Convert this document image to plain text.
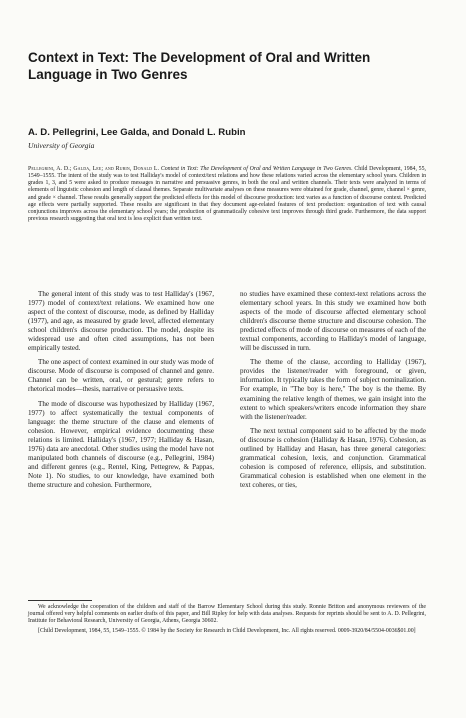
Context in Text: The Development of Oral and Written Language in Two Genres

A. D. Pellegrini, Lee Galda, and Donald L. Rubin

University of Georgia

Pellegrini, A. D.; Galda, Lee; and Rubin, Donald L. Context in Text: The Development of Oral and Written Language in Two Genres. Child Development, 1984, 55, 1549–1555. The intent of the study was to test Halliday's model of context/text relations and how these relations varied across the elementary school years. Children in grades 1, 3, and 5 were asked to produce messages in narrative and persuasive genres, in both the oral and written channels. Their texts were analyzed in terms of elements of linguistic cohesion and length of clausal themes. Separate multivariate analyses on these measures were obtained for grade, channel, genre, channel × genre, and grade × channel. These results generally support the predicted effects for this model of discourse production: text varies as a function of discourse context. Predicted age effects were partially supported. These results are significant in that they document age-related features of text production: organization of text with causal conjunctions improves across the elementary school years; the production of grammatically cohesive text improves through third grade. Furthermore, the data support previous research suggesting that oral text is less explicit than written text.

The general intent of this study was to test Halliday's (1967, 1977) model of context/text relations. We examined how one aspect of the context of discourse, mode, as defined by Halliday (1977), and age, as measured by grade level, affected elementary school children's discourse production. The model, despite its widespread use and often cited assumptions, has not been empirically tested.

The one aspect of context examined in our study was mode of discourse. Mode of discourse is composed of channel and genre. Channel can be written, oral, or gestural; genre refers to rhetorical modes—thesis, narrative or persuasive texts.

The mode of discourse was hypothesized by Halliday (1967, 1977) to affect systematically the textual components of language: the theme structure of the clause and elements of cohesion. However, empirical evidence documenting these relations is limited. Halliday's (1967, 1977; Halliday & Hasan, 1976) data are anecdotal. Other studies using the model have not manipulated both channels of discourse (e.g., Pellegrini, 1984) and different genres (e.g., Rentel, King, Pettegrew, & Pappas, Note 1). No studies, to our knowledge, have examined both theme structure and cohesion. Furthermore,

no studies have examined these context-text relations across the elementary school years. In this study we examined how both aspects of the mode of discourse affected elementary school children's discourse theme structure and discourse cohesion. The predicted effects of mode of discourse on measures of each of the textual components, according to Halliday's model of language, will be discussed in turn.

The theme of the clause, according to Halliday (1967), provides the listener/reader with foreground, or given, information. It typically takes the form of subject nominalization. For example, in "The boy is here," The boy is the theme. By examining the relative length of themes, we gain insight into the extent to which speakers/writers encode information they share with the listener/reader.

The next textual component said to be affected by the mode of discourse is cohesion (Halliday & Hasan, 1976). Cohesion, as outlined by Halliday and Hasan, has three general categories: grammatical cohesion, lexis, and conjunction. Grammatical cohesion is composed of reference, ellipsis, and substitution. Grammatical cohesion is established when one element in the text coheres, or ties,

We acknowledge the cooperation of the children and staff of the Barrow Elementary School during this study. Ronnie Britton and anonymous reviewers of the journal offered very helpful comments on earlier drafts of this paper, and Bill Ripley for help with data analyses. Requests for reprints should be sent to A. D. Pellegrini, Institute for Behavioral Research, University of Georgia, Athens, Georgia 30602.

[Child Development, 1984, 55, 1549–1555. © 1984 by the Society for Research in Child Development, Inc. All rights reserved. 0009-3920/84/5504-0036$01.00]
